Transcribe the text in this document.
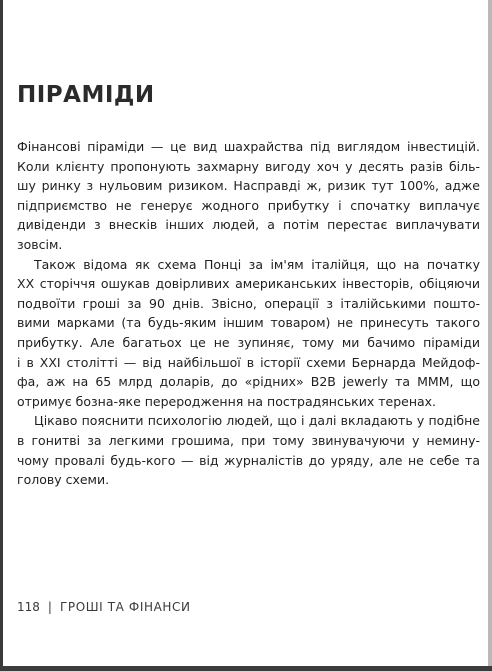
ПІРАМІДИ
Фінансові піраміди — це вид шахрайства під виглядом інвестицій.
Коли клієнту пропонують захмарну вигоду хоч у десять разів біль-
шу ринку з нульовим ризиком. Насправді ж, ризик тут 100%, адже
підприємство не генерує жодного прибутку і спочатку виплачує
дивіденди з внесків інших людей, а потім перестає виплачувати
зовсім.
Також відома як схема Понці за ім'ям італійця, що на початку
ХХ сторіччя ошукав довірливих американських інвесторів, обіцяючи
подвоїти гроші за 90 днів. Звісно, операції з італійськими пошто-
вими марками (та будь-яким іншим товаром) не принесуть такого
прибутку. Але багатьох це не зупиняє, тому ми бачимо піраміди
і в XXI столітті — від найбільшої в історії схеми Бернарда Мейдоф-
фа, аж на 65 млрд доларів, до «рідних» B2B jewerly та МММ, що
отримує бозна-яке переродження на пострадянських теренах.
Цікаво пояснити психологію людей, що і далі вкладають у подібне
в гонитві за легкими грошима, при тому звинувачуючи у немину-
чому провалі будь-кого — від журналістів до уряду, але не себе та
голову схеми.
118 | ГРОШІ ТА ФІНАНСИ
